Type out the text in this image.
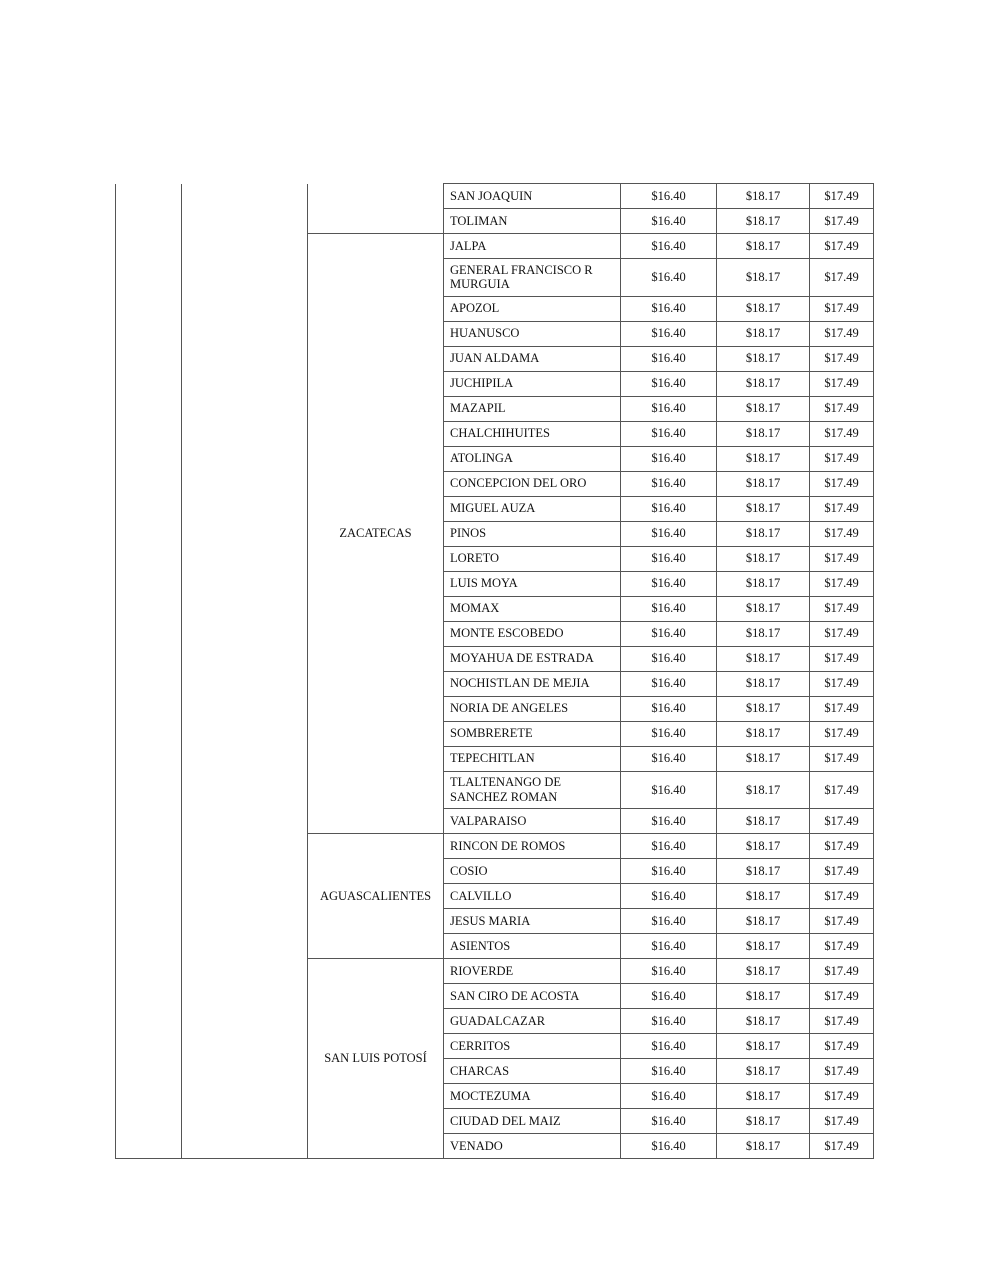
			SAN JOAQUIN	$16.40	$18.17	$17.49
			TOLIMAN	$16.40	$18.17	$17.49
		ZACATECAS	JALPA	$16.40	$18.17	$17.49
			GENERAL FRANCISCO R MURGUIA	$16.40	$18.17	$17.49
			APOZOL	$16.40	$18.17	$17.49
			HUANUSCO	$16.40	$18.17	$17.49
			JUAN ALDAMA	$16.40	$18.17	$17.49
			JUCHIPILA	$16.40	$18.17	$17.49
			MAZAPIL	$16.40	$18.17	$17.49
			CHALCHIHUITES	$16.40	$18.17	$17.49
			ATOLINGA	$16.40	$18.17	$17.49
			CONCEPCION DEL ORO	$16.40	$18.17	$17.49
			MIGUEL AUZA	$16.40	$18.17	$17.49
			PINOS	$16.40	$18.17	$17.49
			LORETO	$16.40	$18.17	$17.49
			LUIS MOYA	$16.40	$18.17	$17.49
			MOMAX	$16.40	$18.17	$17.49
			MONTE ESCOBEDO	$16.40	$18.17	$17.49
			MOYAHUA DE ESTRADA	$16.40	$18.17	$17.49
			NOCHISTLAN DE MEJIA	$16.40	$18.17	$17.49
			NORIA DE ANGELES	$16.40	$18.17	$17.49
			SOMBRERETE	$16.40	$18.17	$17.49
			TEPECHITLAN	$16.40	$18.17	$17.49
			TLALTENANGO DE SANCHEZ ROMAN	$16.40	$18.17	$17.49
			VALPARAISO	$16.40	$18.17	$17.49
		AGUASCALIENTES	RINCON DE ROMOS	$16.40	$18.17	$17.49
			COSIO	$16.40	$18.17	$17.49
			CALVILLO	$16.40	$18.17	$17.49
			JESUS MARIA	$16.40	$18.17	$17.49
			ASIENTOS	$16.40	$18.17	$17.49
		SAN LUIS POTOSÍ	RIOVERDE	$16.40	$18.17	$17.49
			SAN CIRO DE ACOSTA	$16.40	$18.17	$17.49
			GUADALCAZAR	$16.40	$18.17	$17.49
			CERRITOS	$16.40	$18.17	$17.49
			CHARCAS	$16.40	$18.17	$17.49
			MOCTEZUMA	$16.40	$18.17	$17.49
			CIUDAD DEL MAIZ	$16.40	$18.17	$17.49
			VENADO	$16.40	$18.17	$17.49
